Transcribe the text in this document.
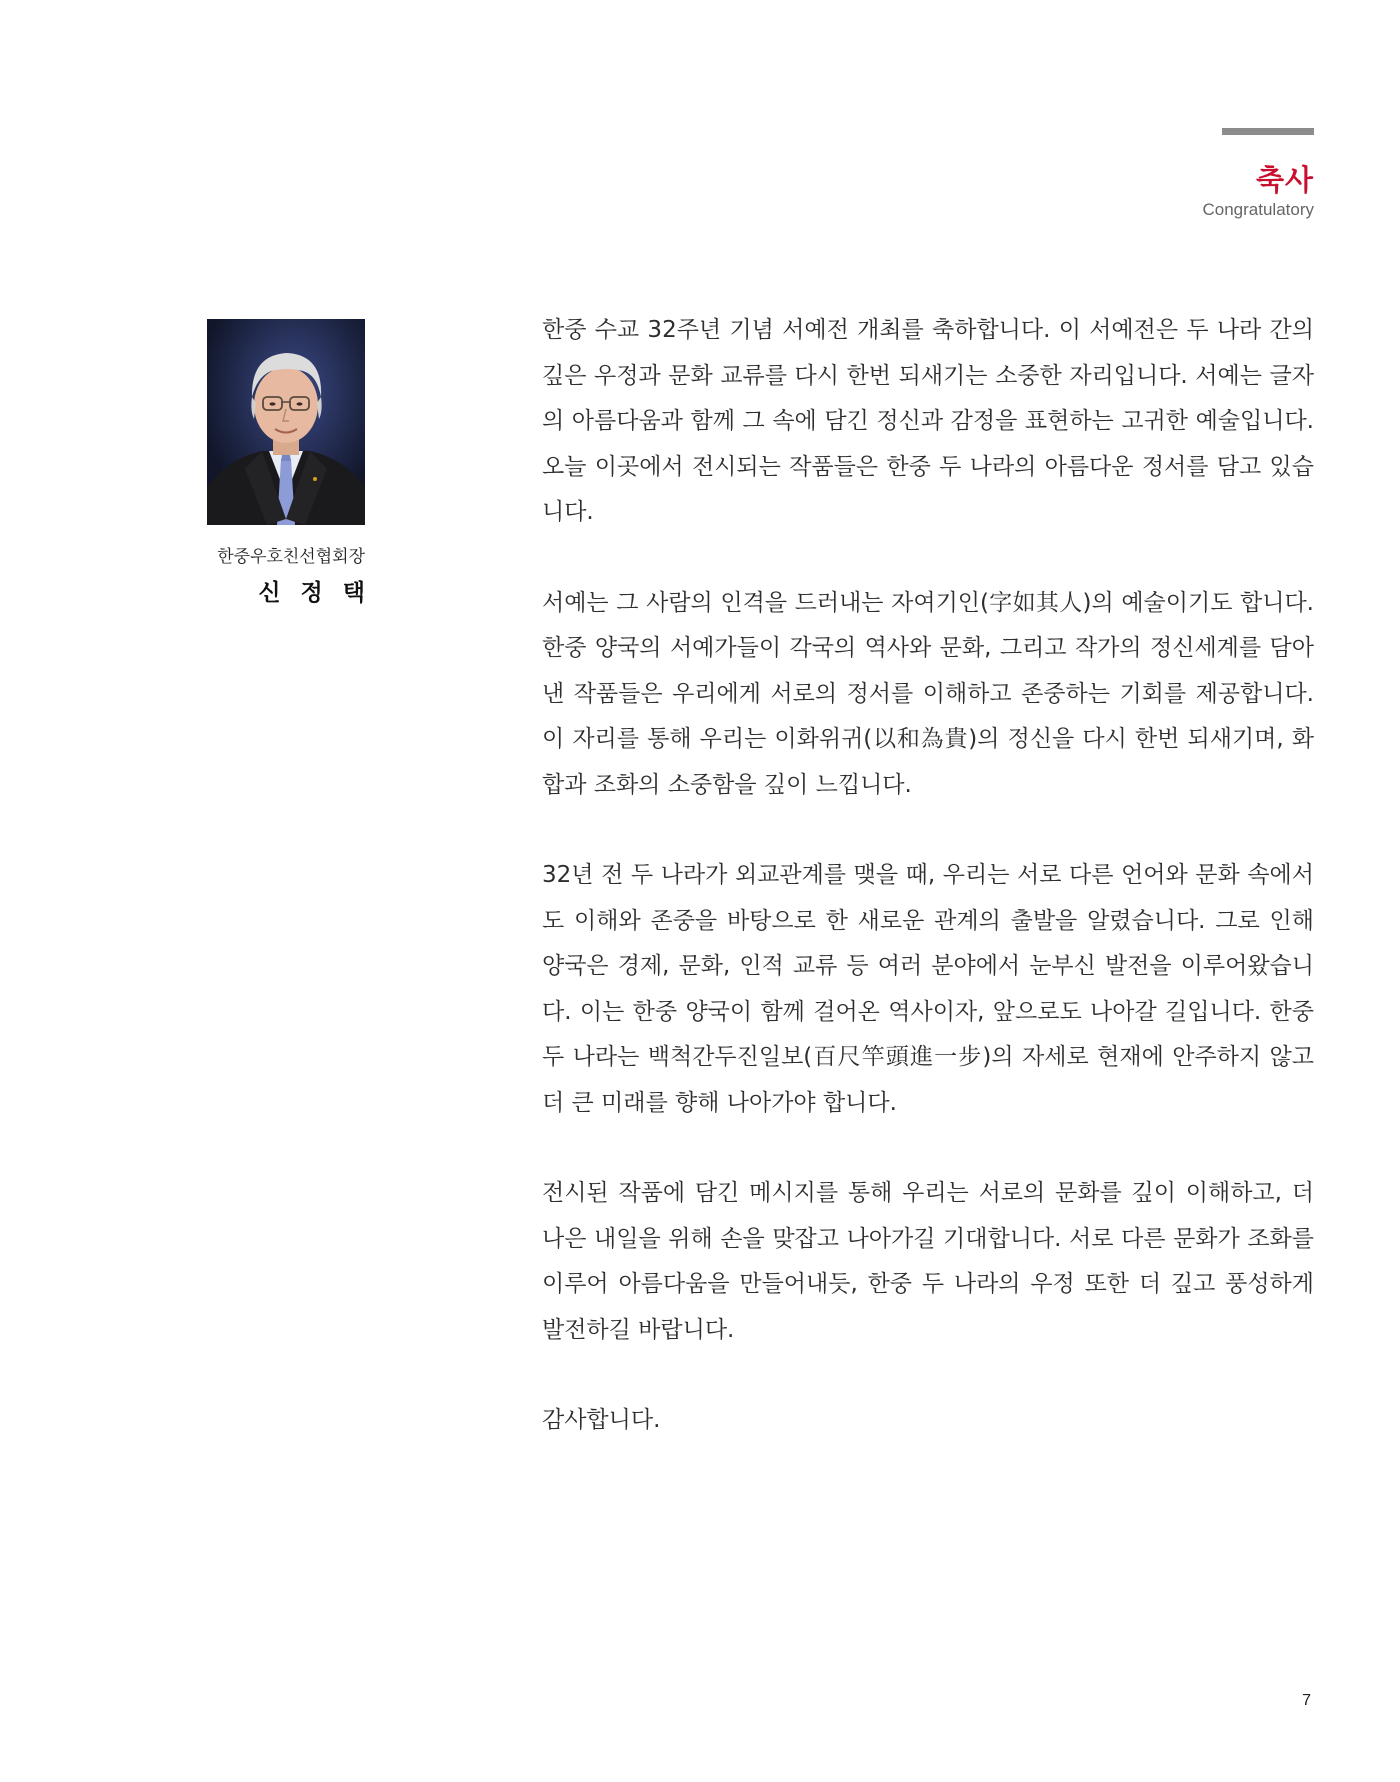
축사
Congratulatory
한중우호친선협회장
신 정 택

한중 수교 32주년 기념 서예전 개최를 축하합니다. 이 서예전은 두 나라 간의 깊은 우정과 문화 교류를 다시 한번 되새기는 소중한 자리입니다. 서예는 글자의 아름다움과 함께 그 속에 담긴 정신과 감정을 표현하는 고귀한 예술입니다. 오늘 이곳에서 전시되는 작품들은 한중 두 나라의 아름다운 정서를 담고 있습니다.

서예는 그 사람의 인격을 드러내는 자여기인(字如其人)의 예술이기도 합니다. 한중 양국의 서예가들이 각국의 역사와 문화, 그리고 작가의 정신세계를 담아낸 작품들은 우리에게 서로의 정서를 이해하고 존중하는 기회를 제공합니다. 이 자리를 통해 우리는 이화위귀(以和為貴)의 정신을 다시 한번 되새기며, 화합과 조화의 소중함을 깊이 느낍니다.

32년 전 두 나라가 외교관계를 맺을 때, 우리는 서로 다른 언어와 문화 속에서도 이해와 존중을 바탕으로 한 새로운 관계의 출발을 알렸습니다. 그로 인해 양국은 경제, 문화, 인적 교류 등 여러 분야에서 눈부신 발전을 이루어왔습니다. 이는 한중 양국이 함께 걸어온 역사이자, 앞으로도 나아갈 길입니다. 한중 두 나라는 백척간두진일보(百尺竿頭進一步)의 자세로 현재에 안주하지 않고 더 큰 미래를 향해 나아가야 합니다.

전시된 작품에 담긴 메시지를 통해 우리는 서로의 문화를 깊이 이해하고, 더 나은 내일을 위해 손을 맞잡고 나아가길 기대합니다. 서로 다른 문화가 조화를 이루어 아름다움을 만들어내듯, 한중 두 나라의 우정 또한 더 깊고 풍성하게 발전하길 바랍니다.

감사합니다.

7
